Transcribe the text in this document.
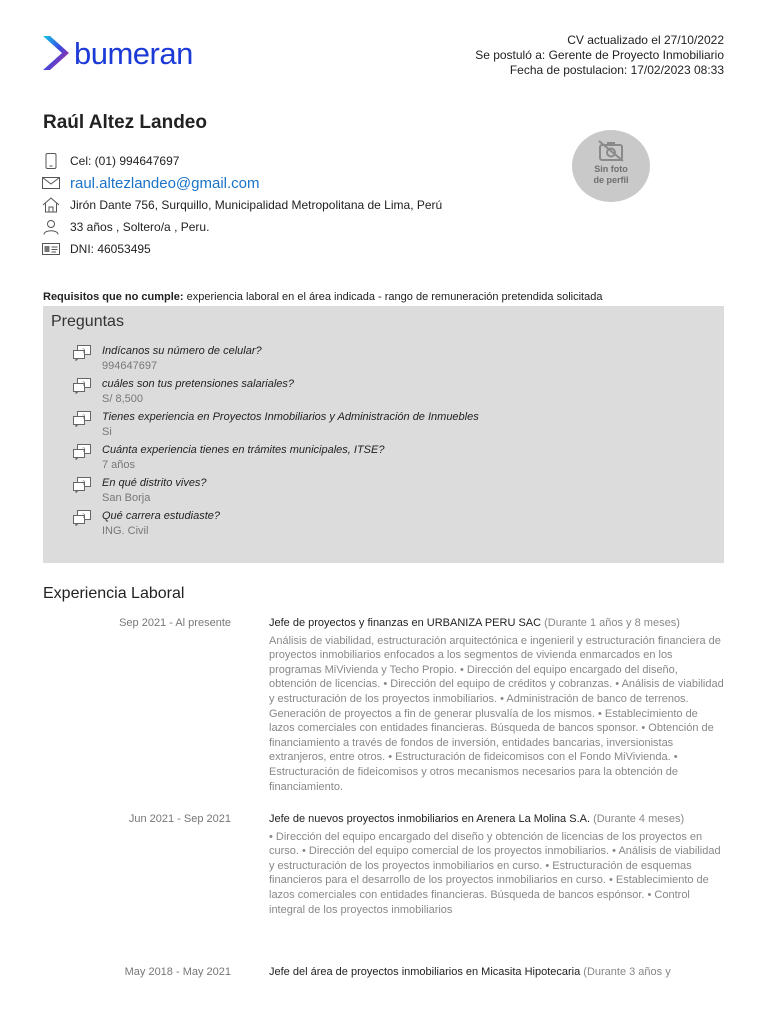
bumeran	CV actualizado el 27/10/2022
Se postuló a: Gerente de Proyecto Inmobiliario
Fecha de postulacion: 17/02/2023 08:33
Raúl Altez Landeo
Cel: (01) 994647697
raul.altezlandeo@gmail.com
Jirón Dante 756, Surquillo, Municipalidad Metropolitana de Lima, Perú
33 años , Soltero/a , Peru.
DNI: 46053495
Sin foto
de perfil
Requisitos que no cumple: experiencia laboral en el área indicada - rango de remuneración pretendida solicitada
Preguntas
? Indícanos su número de celular?
994647697
? cuáles son tus pretensiones salariales?
S/ 8,500
? Tienes experiencia en Proyectos Inmobiliarios y Administración de Inmuebles
Si
? Cuánta experiencia tienes en trámites municipales, ITSE?
7 años
? En qué distrito vives?
San Borja
? Qué carrera estudiaste?
ING. Civil
Experiencia Laboral
Sep 2021 - Al presente	Jefe de proyectos y finanzas en URBANIZA PERU SAC (Durante 1 años y 8 meses)
Análisis de viabilidad, estructuración arquitectónica e ingenieril y estructuración financiera de proyectos inmobiliarios enfocados a los segmentos de vivienda enmarcados en los programas MiVivienda y Techo Propio. • Dirección del equipo encargado del diseño, obtención de licencias. • Dirección del equipo de créditos y cobranzas. • Análisis de viabilidad y estructuración de los proyectos inmobiliarios. • Administración de banco de terrenos. Generación de proyectos a fin de generar plusvalía de los mismos. • Establecimiento de lazos comerciales con entidades financieras. Búsqueda de bancos sponsor. • Obtención de financiamiento a través de fondos de inversión, entidades bancarias, inversionistas extranjeros, entre otros. • Estructuración de fideicomisos con el Fondo MiVivienda. • Estructuración de fideicomisos y otros mecanismos necesarios para la obtención de financiamiento.
Jun 2021 - Sep 2021	Jefe de nuevos proyectos inmobiliarios en Arenera La Molina S.A. (Durante 4 meses)
• Dirección del equipo encargado del diseño y obtención de licencias de los proyectos en curso. • Dirección del equipo comercial de los proyectos inmobiliarios. • Análisis de viabilidad y estructuración de los proyectos inmobiliarios en curso. • Estructuración de esquemas financieros para el desarrollo de los proyectos inmobiliarios en curso. • Establecimiento de lazos comerciales con entidades financieras. Búsqueda de bancos espónsor. • Control integral de los proyectos inmobiliarios
May 2018 - May 2021	Jefe del área de proyectos inmobiliarios en Micasita Hipotecaria (Durante 3 años y
